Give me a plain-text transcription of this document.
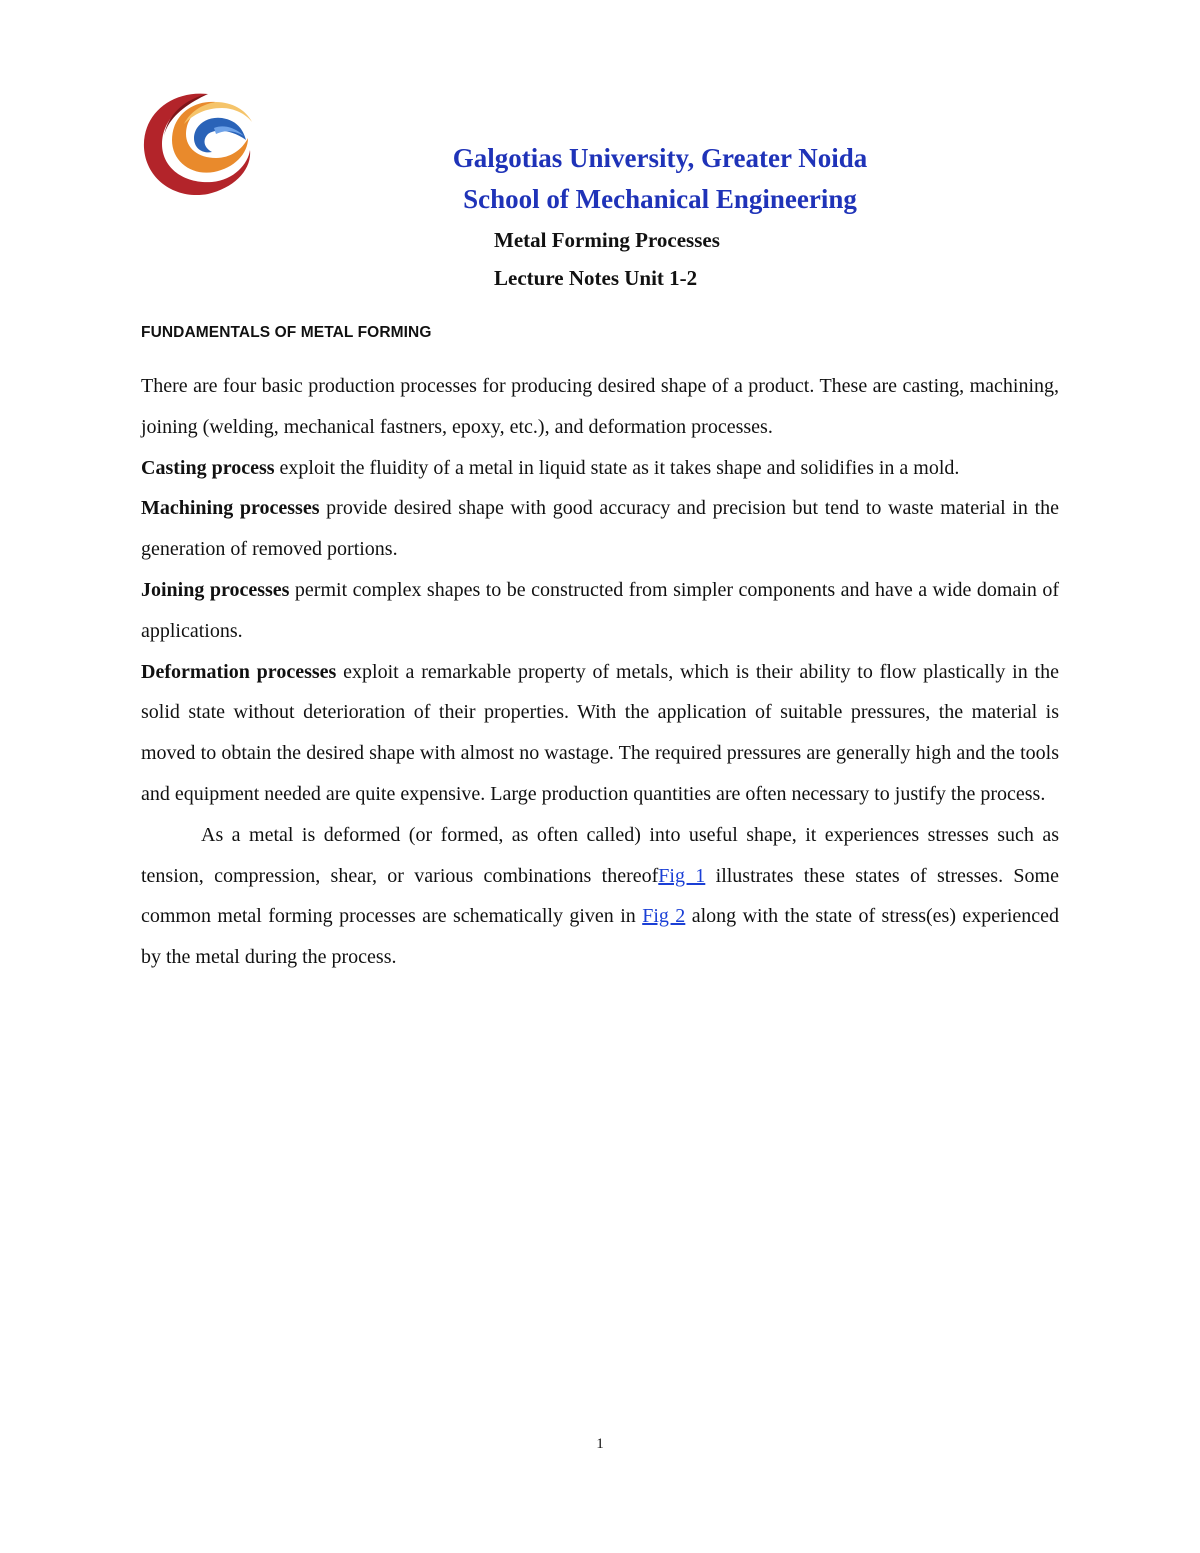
Galgotias University, Greater Noida
School of Mechanical Engineering
Metal Forming Processes
Lecture Notes Unit 1-2
FUNDAMENTALS OF METAL FORMING

There are four basic production processes for producing desired shape of a product. These are casting, machining, joining (welding, mechanical fastners, epoxy, etc.), and deformation processes.

Casting process exploit the fluidity of a metal in liquid state as it takes shape and solidifies in a mold.

Machining processes provide desired shape with good accuracy and precision but tend to waste material in the generation of removed portions.

Joining processes permit complex shapes to be constructed from simpler components and have a wide domain of applications.

Deformation processes exploit a remarkable property of metals, which is their ability to flow plastically in the solid state without deterioration of their properties. With the application of suitable pressures, the material is moved to obtain the desired shape with almost no wastage. The required pressures are generally high and the tools and equipment needed are quite expensive. Large production quantities are often necessary to justify the process.

As a metal is deformed (or formed, as often called) into useful shape, it experiences stresses such as tension, compression, shear, or various combinations thereofFig 1 illustrates these states of stresses. Some common metal forming processes are schematically given in Fig 2 along with the state of stress(es) experienced by the metal during the process.

1
